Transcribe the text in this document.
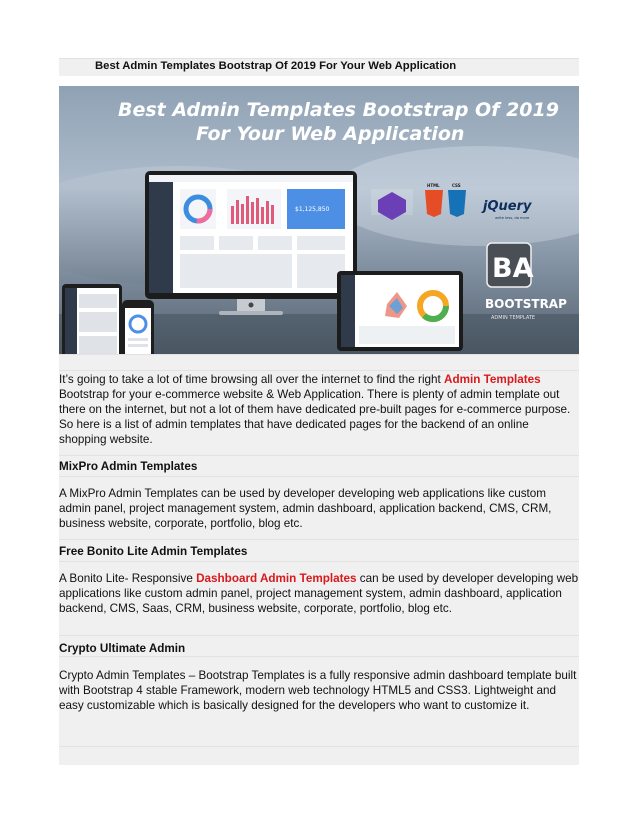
Best Admin Templates Bootstrap Of 2019 For Your Web Application
Best Admin Templates Bootstrap Of 2019
For Your Web Application
$1,125,850
HTML	CSS
jQuery
write less, do more
BA
BOOTSTRAP
ADMIN TEMPLATE
It’s going to take a lot of time browsing all over the internet to find the right Admin Templates Bootstrap for your e-commerce website & Web Application. There is plenty of admin template out there on the internet, but not a lot of them have dedicated pre-built pages for e-commerce purpose. So here is a list of admin templates that have dedicated pages for the backend of an online shopping website.
MixPro Admin Templates
A MixPro Admin Templates can be used by developer developing web applications like custom admin panel, project management system, admin dashboard, application backend, CMS, CRM, business website, corporate, portfolio, blog etc.
Free Bonito Lite Admin Templates
A Bonito Lite- Responsive Dashboard Admin Templates can be used by developer developing web applications like custom admin panel, project management system, admin dashboard, application backend, CMS, Saas, CRM, business website, corporate, portfolio, blog etc.
Crypto Ultimate Admin
Crypto Admin Templates – Bootstrap Templates is a fully responsive admin dashboard template built with Bootstrap 4 stable Framework, modern web technology HTML5 and CSS3. Lightweight and easy customizable which is basically designed for the developers who want to customize it.
